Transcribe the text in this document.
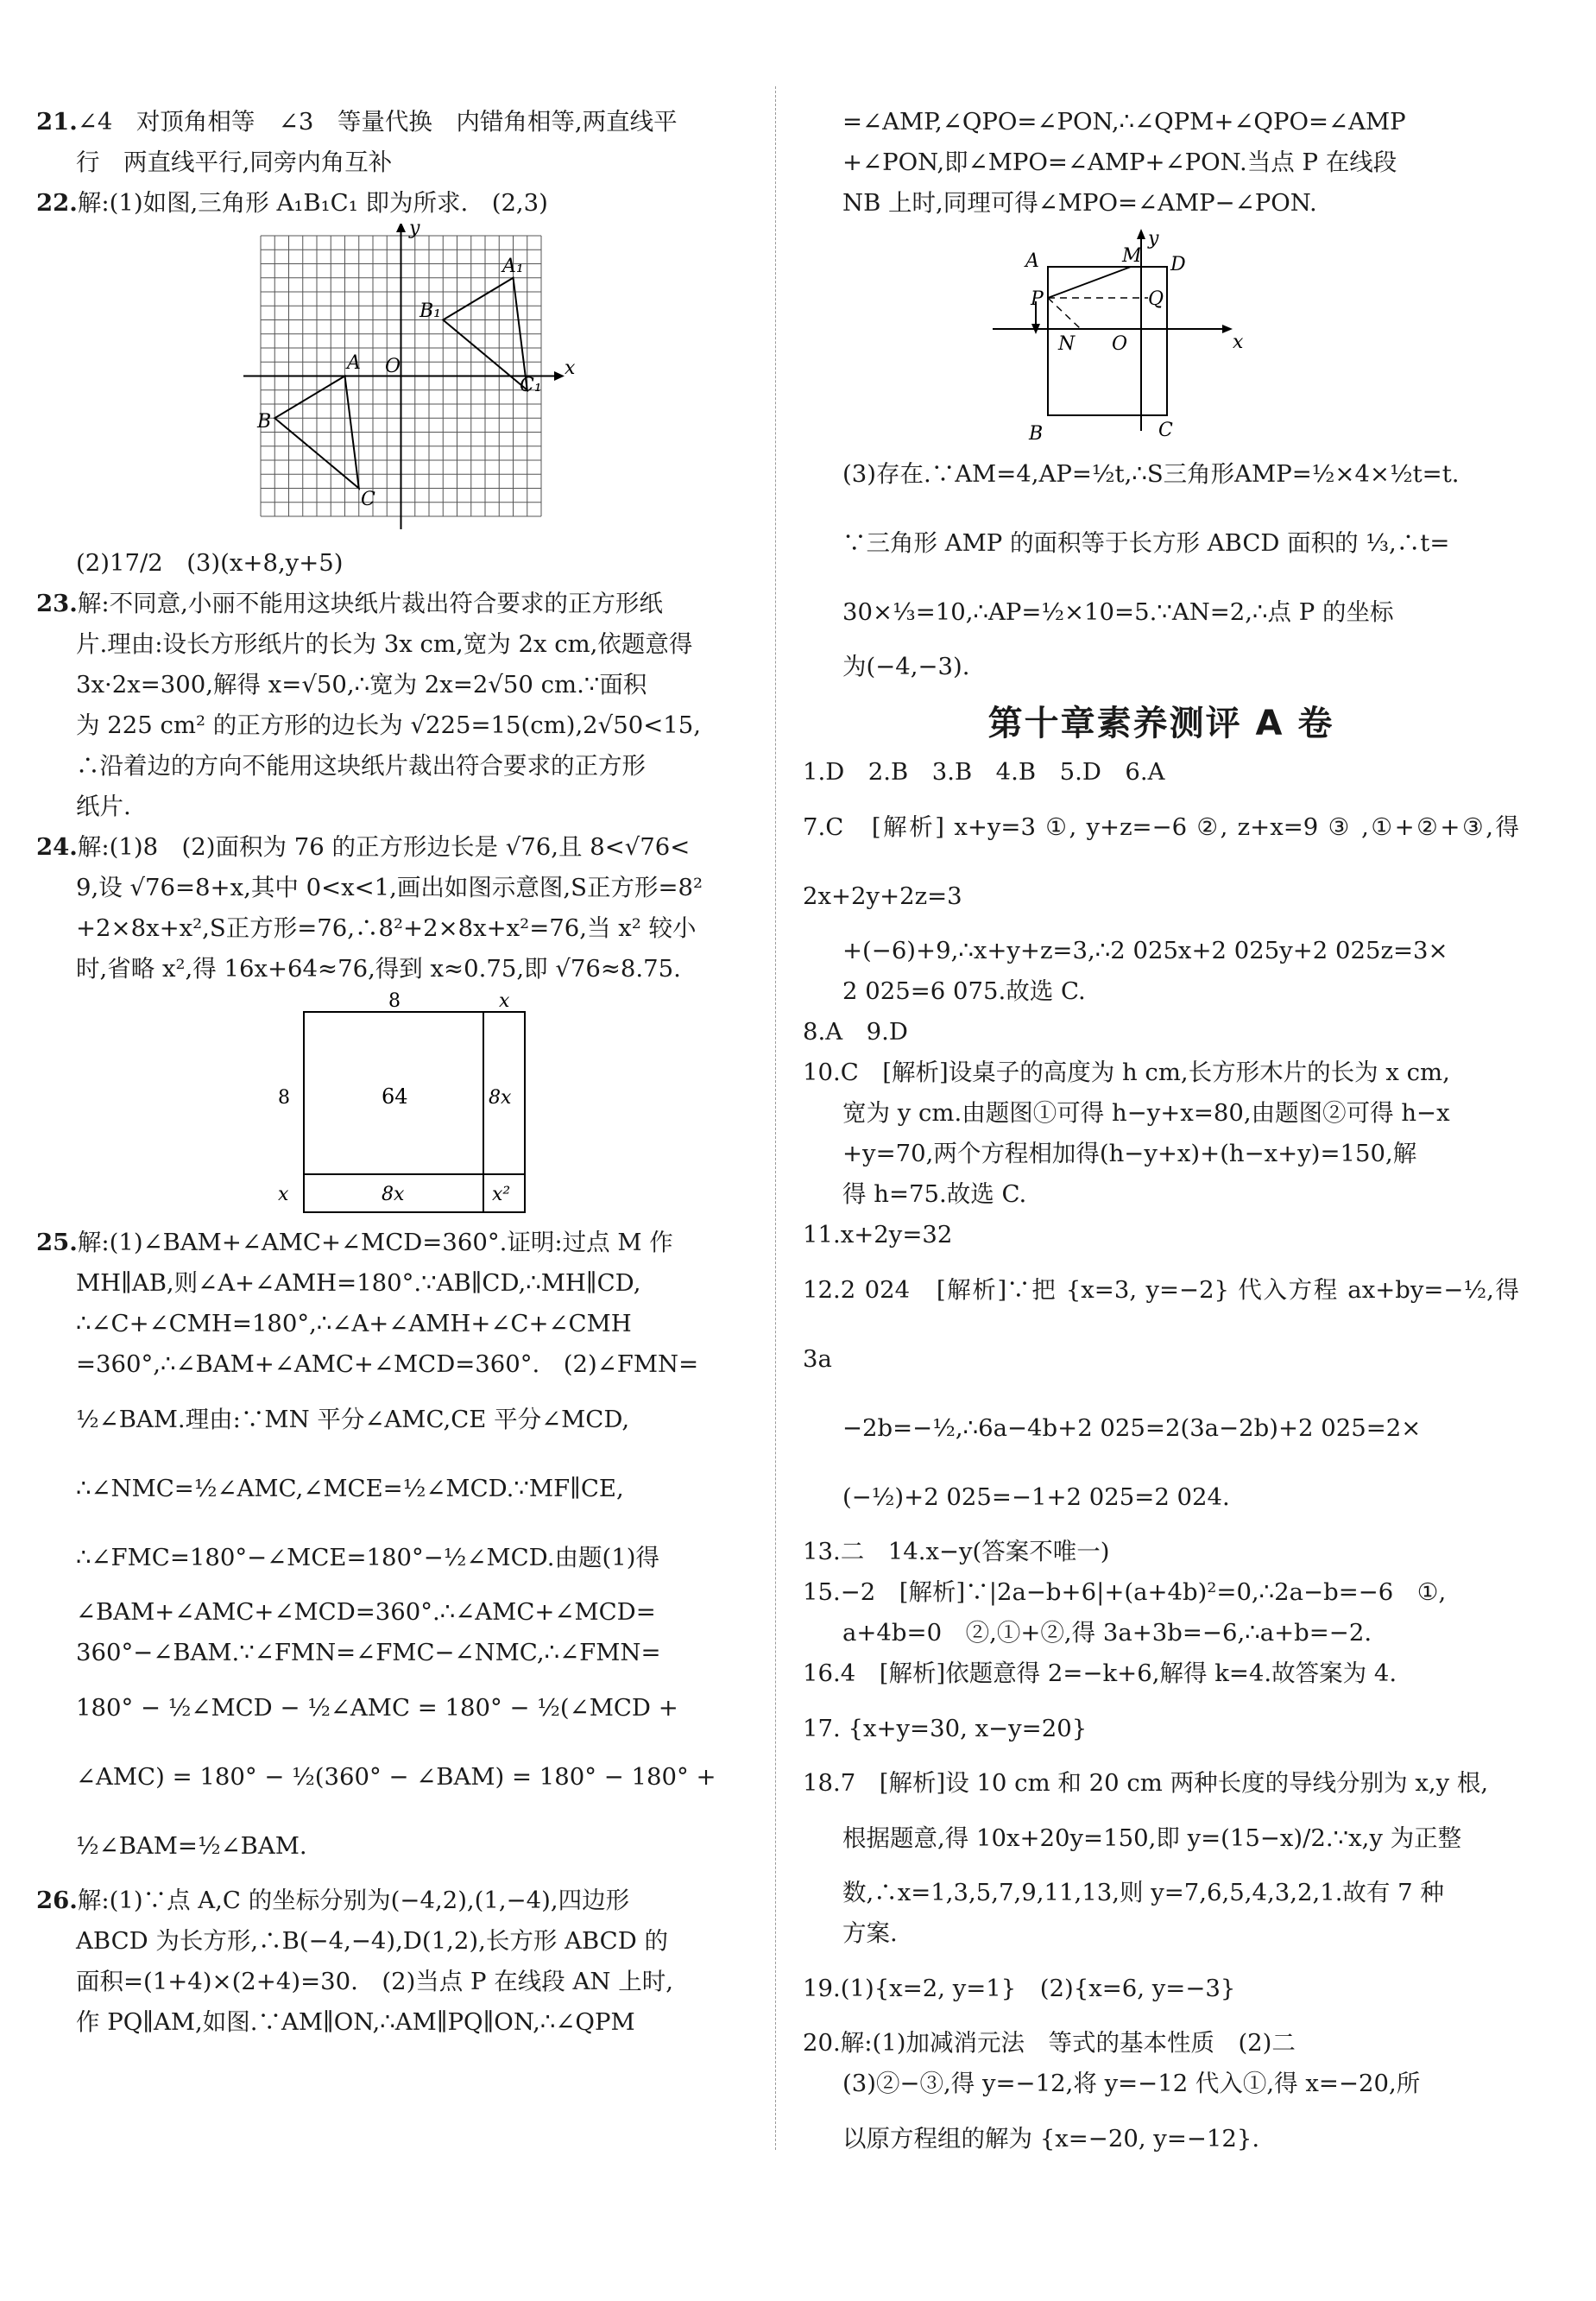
21.∠4　对顶角相等　∠3　等量代换　内错角相等,两直线平

行　两直线平行,同旁内角互补

22.解:(1)如图,三角形 A₁B₁C₁ 即为所求.　(2,3)

y
x
O
A
B
C
A₁
B₁
C₁

(2)17/2　(3)(x+8,y+5)

23.解:不同意,小丽不能用这块纸片裁出符合要求的正方形纸

片.理由:设长方形纸片的长为 3x cm,宽为 2x cm,依题意得

3x·2x=300,解得 x=√50,∴宽为 2x=2√50 cm.∵面积

为 225 cm² 的正方形的边长为 √225=15(cm),2√50<15,

∴沿着边的方向不能用这块纸片裁出符合要求的正方形

纸片.

24.解:(1)8　(2)面积为 76 的正方形边长是 √76,且 8<√76<

9,设 √76=8+x,其中 0<x<1,画出如图示意图,S正方形=8²

+2×8x+x²,S正方形=76,∴8²+2×8x+x²=76,当 x² 较小

时,省略 x²,得 16x+64≈76,得到 x≈0.75,即 √76≈8.75.

8	x
8
x
64	8x
8x	x²

25.解:(1)∠BAM+∠AMC+∠MCD=360°.证明:过点 M 作

MH∥AB,则∠A+∠AMH=180°.∵AB∥CD,∴MH∥CD,

∴∠C+∠CMH=180°,∴∠A+∠AMH+∠C+∠CMH

=360°,∴∠BAM+∠AMC+∠MCD=360°.　(2)∠FMN=

½∠BAM.理由:∵MN 平分∠AMC,CE 平分∠MCD,

∴∠NMC=½∠AMC,∠MCE=½∠MCD.∵MF∥CE,

∴∠FMC=180°−∠MCE=180°−½∠MCD.由题(1)得

∠BAM+∠AMC+∠MCD=360°.∴∠AMC+∠MCD=

360°−∠BAM.∵∠FMN=∠FMC−∠NMC,∴∠FMN=

180° − ½∠MCD − ½∠AMC = 180° − ½(∠MCD +

∠AMC) = 180° − ½(360° − ∠BAM) = 180° − 180° +

½∠BAM=½∠BAM.

26.解:(1)∵点 A,C 的坐标分别为(−4,2),(1,−4),四边形

ABCD 为长方形,∴B(−4,−4),D(1,2),长方形 ABCD 的

面积=(1+4)×(2+4)=30.　(2)当点 P 在线段 AN 上时,

作 PQ∥AM,如图.∵AM∥ON,∴AM∥PQ∥ON,∴∠QPM

=∠AMP,∠QPO=∠PON,∴∠QPM+∠QPO=∠AMP

+∠PON,即∠MPO=∠AMP+∠PON.当点 P 在线段

NB 上时,同理可得∠MPO=∠AMP−∠PON.

A	M
y
D
P	Q
N O	x
B	C

(3)存在.∵AM=4,AP=½t,∴S三角形AMP=½×4×½t=t.

∵三角形 AMP 的面积等于长方形 ABCD 面积的 ⅓,∴t=

30×⅓=10,∴AP=½×10=5.∵AN=2,∴点 P 的坐标

为(−4,−3).

第十章素养测评 A 卷

1.D　2.B　3.B　4.B　5.D　6.A

7.C　[解析] x+y=3 ①, y+z=−6 ②, z+x=9 ③ ,①+②+③,得 2x+2y+2z=3

+(−6)+9,∴x+y+z=3,∴2 025x+2 025y+2 025z=3×

2 025=6 075.故选 C.

8.A　9.D

10.C　[解析]设桌子的高度为 h cm,长方形木片的长为 x cm,

宽为 y cm.由题图①可得 h−y+x=80,由题图②可得 h−x

+y=70,两个方程相加得(h−y+x)+(h−x+y)=150,解

得 h=75.故选 C.

11.x+2y=32

12.2 024　[解析]∵把 {x=3, y=−2} 代入方程 ax+by=−½,得 3a

−2b=−½,∴6a−4b+2 025=2(3a−2b)+2 025=2×

(−½)+2 025=−1+2 025=2 024.

13.二　14.x−y(答案不唯一)

15.−2　[解析]∵|2a−b+6|+(a+4b)²=0,∴2a−b=−6　①,

a+4b=0　②,①+②,得 3a+3b=−6,∴a+b=−2.

16.4　[解析]依题意得 2=−k+6,解得 k=4.故答案为 4.

17. {x+y=30, x−y=20}

18.7　[解析]设 10 cm 和 20 cm 两种长度的导线分别为 x,y 根,

根据题意,得 10x+20y=150,即 y=(15−x)/2.∵x,y 为正整

数,∴x=1,3,5,7,9,11,13,则 y=7,6,5,4,3,2,1.故有 7 种

方案.

19.(1){x=2, y=1}　(2){x=6, y=−3}

20.解:(1)加减消元法　等式的基本性质　(2)二

(3)②−③,得 y=−12,将 y=−12 代入①,得 x=−20,所

以原方程组的解为 {x=−20, y=−12}.
